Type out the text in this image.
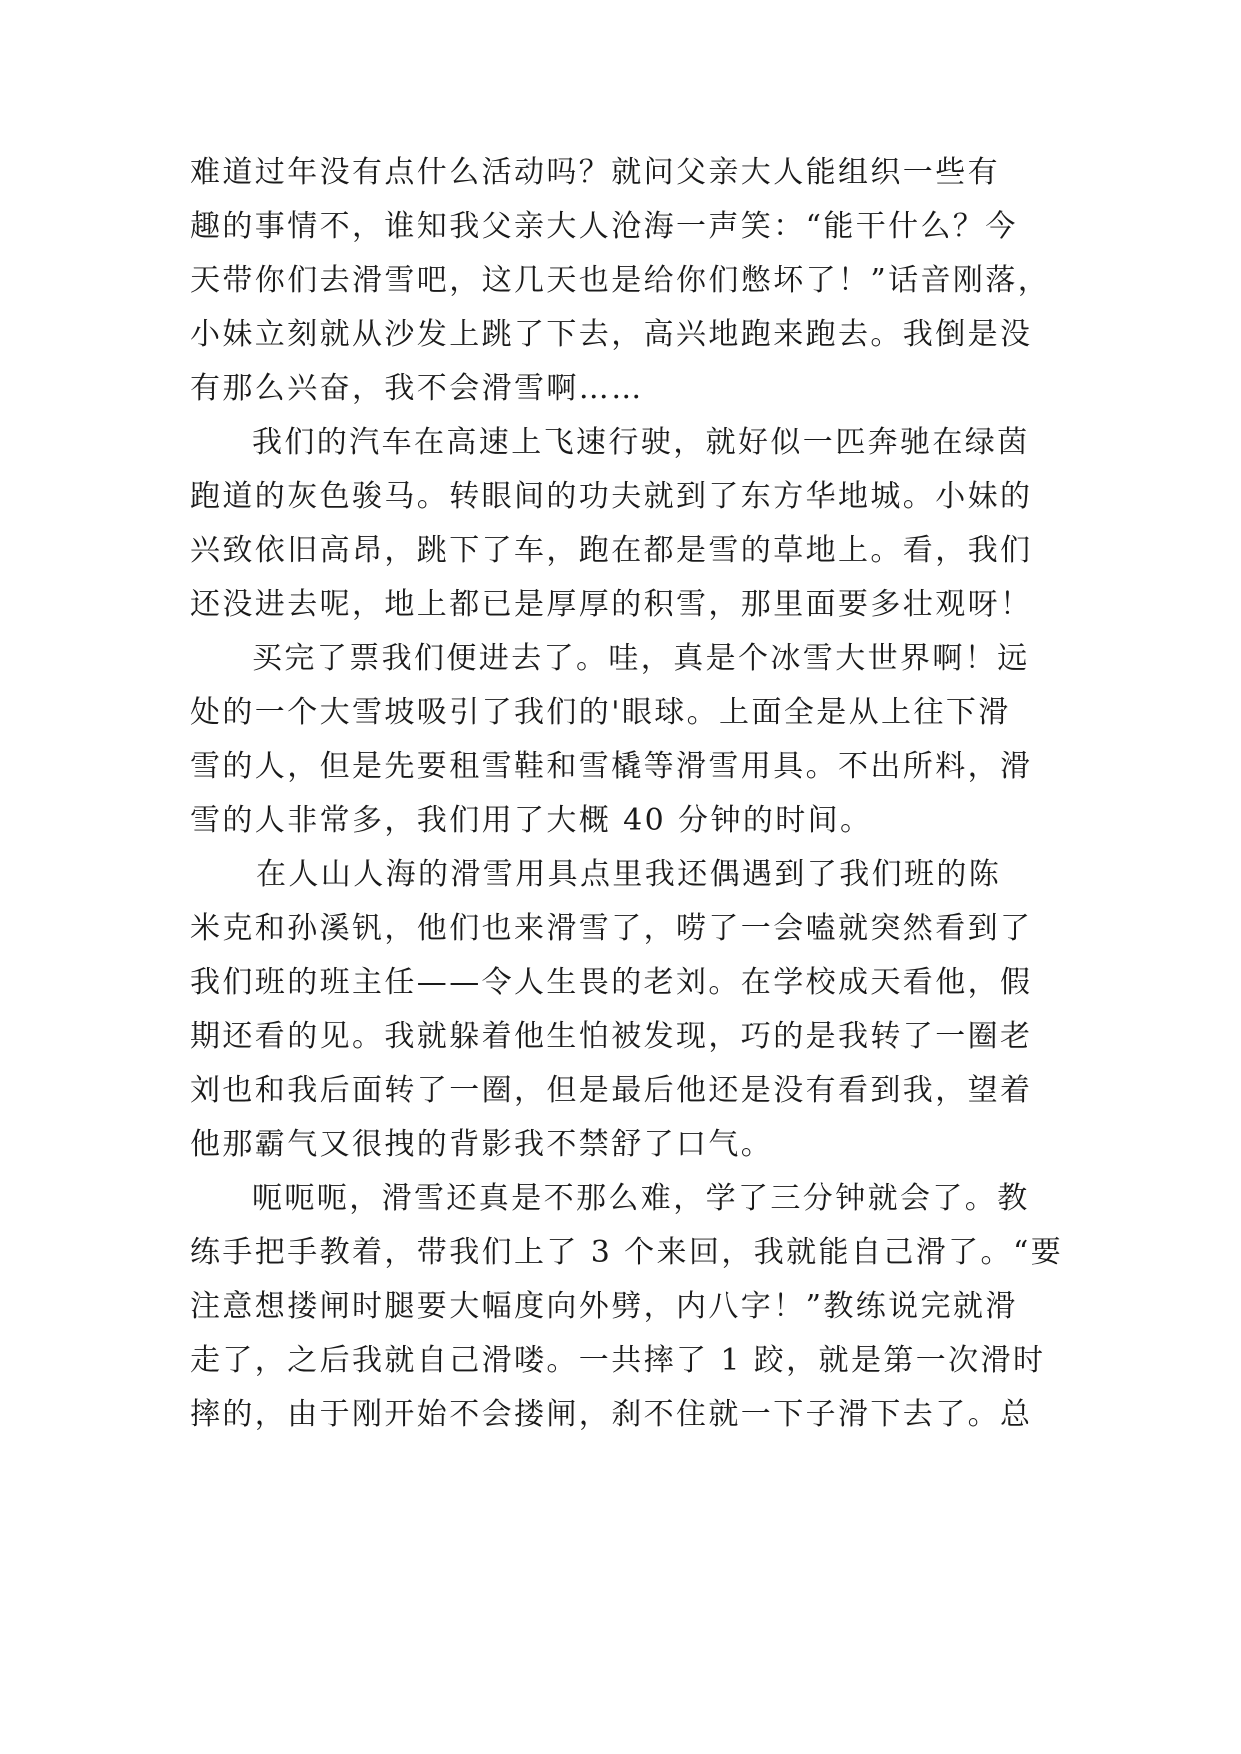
难道过年没有点什么活动吗？就问父亲大人能组织一些有
趣的事情不，谁知我父亲大人沧海一声笑：“能干什么？今
天带你们去滑雪吧，这几天也是给你们憋坏了！”话音刚落，
小妹立刻就从沙发上跳了下去，高兴地跑来跑去。我倒是没
有那么兴奋，我不会滑雪啊……
我们的汽车在高速上飞速行驶，就好似一匹奔驰在绿茵
跑道的灰色骏马。转眼间的功夫就到了东方华地城。小妹的
兴致依旧高昂，跳下了车，跑在都是雪的草地上。看，我们
还没进去呢，地上都已是厚厚的积雪，那里面要多壮观呀！
买完了票我们便进去了。哇，真是个冰雪大世界啊！远
处的一个大雪坡吸引了我们的'眼球。上面全是从上往下滑
雪的人，但是先要租雪鞋和雪橇等滑雪用具。不出所料，滑
雪的人非常多，我们用了大概 40 分钟的时间。
在人山人海的滑雪用具点里我还偶遇到了我们班的陈
米克和孙溪钒，他们也来滑雪了，唠了一会嗑就突然看到了
我们班的班主任——令人生畏的老刘。在学校成天看他，假
期还看的见。我就躲着他生怕被发现，巧的是我转了一圈老
刘也和我后面转了一圈，但是最后他还是没有看到我，望着
他那霸气又很拽的背影我不禁舒了口气。
呃呃呃，滑雪还真是不那么难，学了三分钟就会了。教
练手把手教着，带我们上了 3 个来回，我就能自己滑了。“要
注意想搂闸时腿要大幅度向外劈，内八字！”教练说完就滑
走了，之后我就自己滑喽。一共摔了 1 跤，就是第一次滑时
摔的，由于刚开始不会搂闸，刹不住就一下子滑下去了。总
